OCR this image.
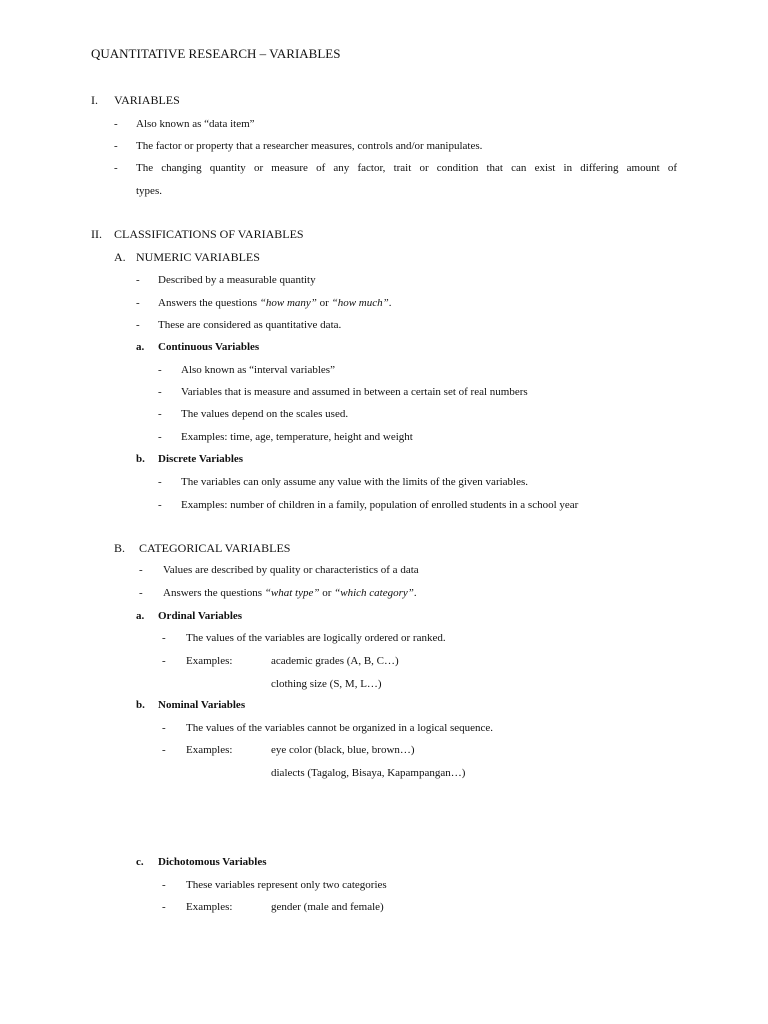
QUANTITATIVE RESEARCH – VARIABLES
I. VARIABLES
- Also known as “data item”
- The factor or property that a researcher measures, controls and/or manipulates.
- The changing quantity or measure of any factor, trait or condition that can exist in differing amount of
types.
II. CLASSIFICATIONS OF VARIABLES
A. NUMERIC VARIABLES
- Described by a measurable quantity
- Answers the questions “how many” or “how much”.
- These are considered as quantitative data.
a. Continuous Variables
- Also known as “interval variables”
- Variables that is measure and assumed in between a certain set of real numbers
- The values depend on the scales used.
- Examples: time, age, temperature, height and weight
b. Discrete Variables
- The variables can only assume any value with the limits of the given variables.
- Examples: number of children in a family, population of enrolled students in a school year
B. CATEGORICAL VARIABLES
- Values are described by quality or characteristics of a data
- Answers the questions “what type” or “which category”.
a. Ordinal Variables
- The values of the variables are logically ordered or ranked.
- Examples:	academic grades (A, B, C…)
clothing size (S, M, L…)
b. Nominal Variables
- The values of the variables cannot be organized in a logical sequence.
- Examples:	eye color (black, blue, brown…)
dialects (Tagalog, Bisaya, Kapampangan…)
c. Dichotomous Variables
- These variables represent only two categories
- Examples:	gender (male and female)
